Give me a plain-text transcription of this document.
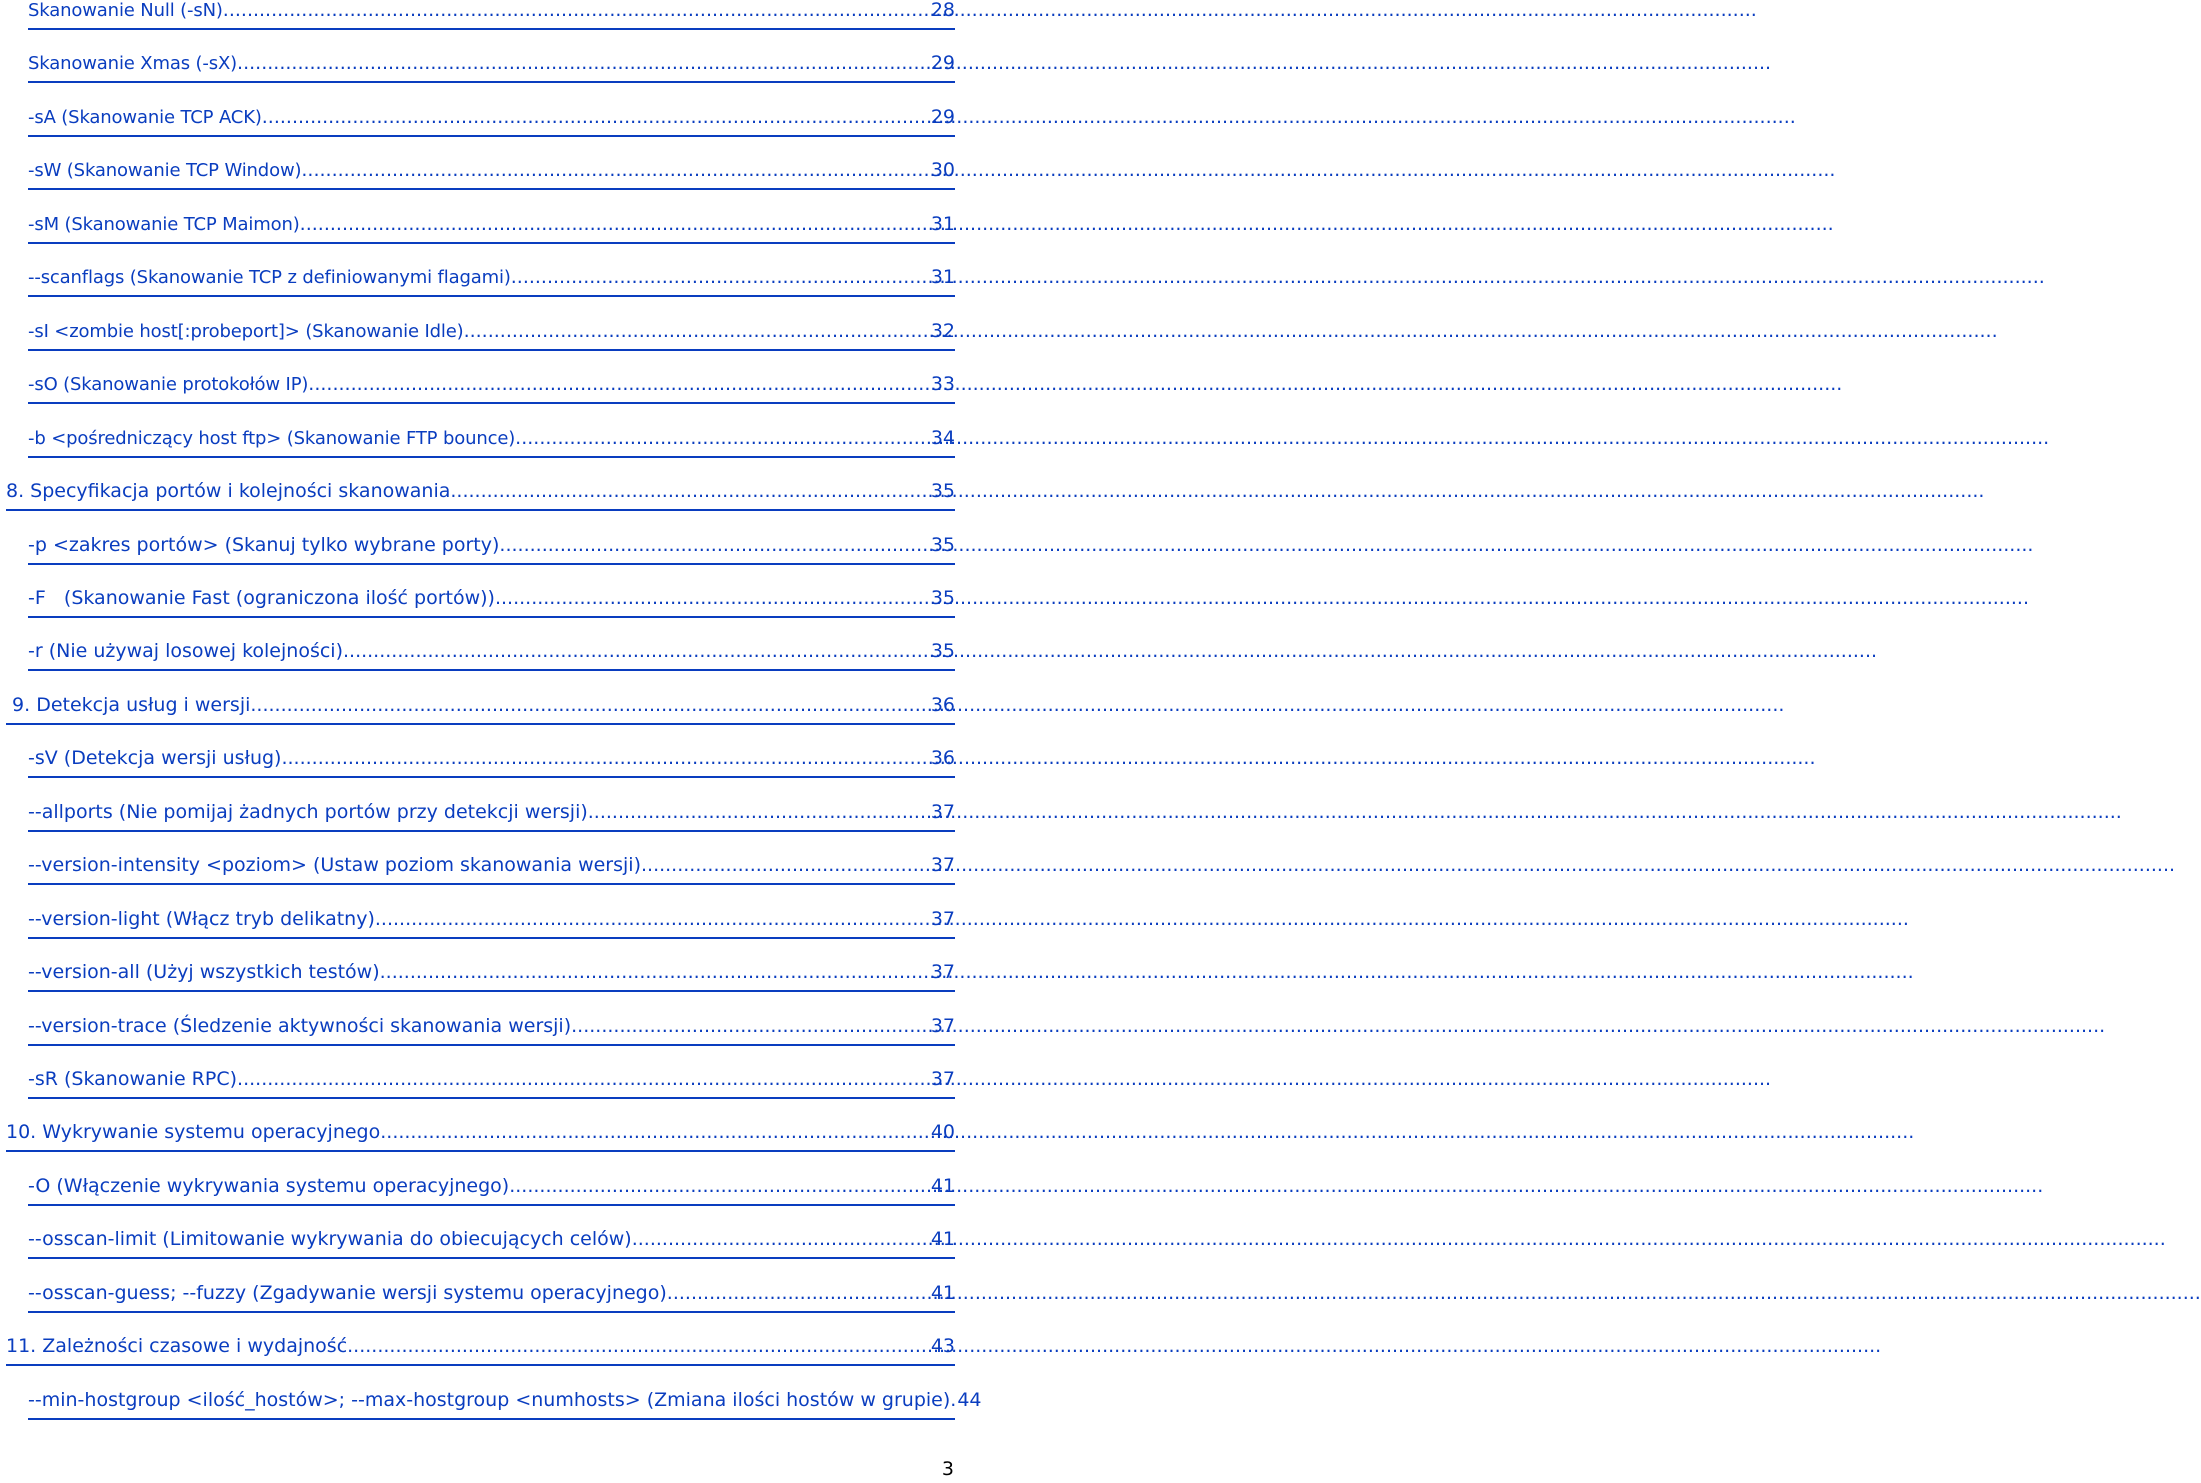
Skanowanie Null (-sN) .....	28
Skanowanie Xmas (-sX) .....	29
-sA (Skanowanie TCP ACK) .....	29
-sW (Skanowanie TCP Window) .....	30
-sM (Skanowanie TCP Maimon) .....	31
--scanflags (Skanowanie TCP z definiowanymi flagami) .....	31
-sI <zombie host[:probeport]> (Skanowanie Idle) .....	32
-sO (Skanowanie protokołów IP) .....	33
-b <pośredniczący host ftp> (Skanowanie FTP bounce) .....	34
8. Specyfikacja portów i kolejności skanowania .....	35
-p <zakres portów> (Skanuj tylko wybrane porty) .....	35
-F   (Skanowanie Fast (ograniczona ilość portów)) .....	35
-r (Nie używaj losowej kolejności) .....	35
9. Detekcja usług i wersji .....	36
-sV (Detekcja wersji usług) .....	36
--allports (Nie pomijaj żadnych portów przy detekcji wersji) .....	37
--version-intensity <poziom> (Ustaw poziom skanowania wersji) .....	37
--version-light (Włącz tryb delikatny) .....	37
--version-all (Użyj wszystkich testów) .....	37
--version-trace (Śledzenie aktywności skanowania wersji) .....	37
-sR (Skanowanie RPC) .....	37
10. Wykrywanie systemu operacyjnego .....	40
-O (Włączenie wykrywania systemu operacyjnego) .....	41
--osscan-limit (Limitowanie wykrywania do obiecujących celów) .....	41
--osscan-guess; --fuzzy (Zgadywanie wersji systemu operacyjnego) .....	41
11. Zależności czasowe i wydajność .....	43
--min-hostgroup <ilość_hostów>; --max-hostgroup <numhosts> (Zmiana ilości hostów w grupie). 44
3
